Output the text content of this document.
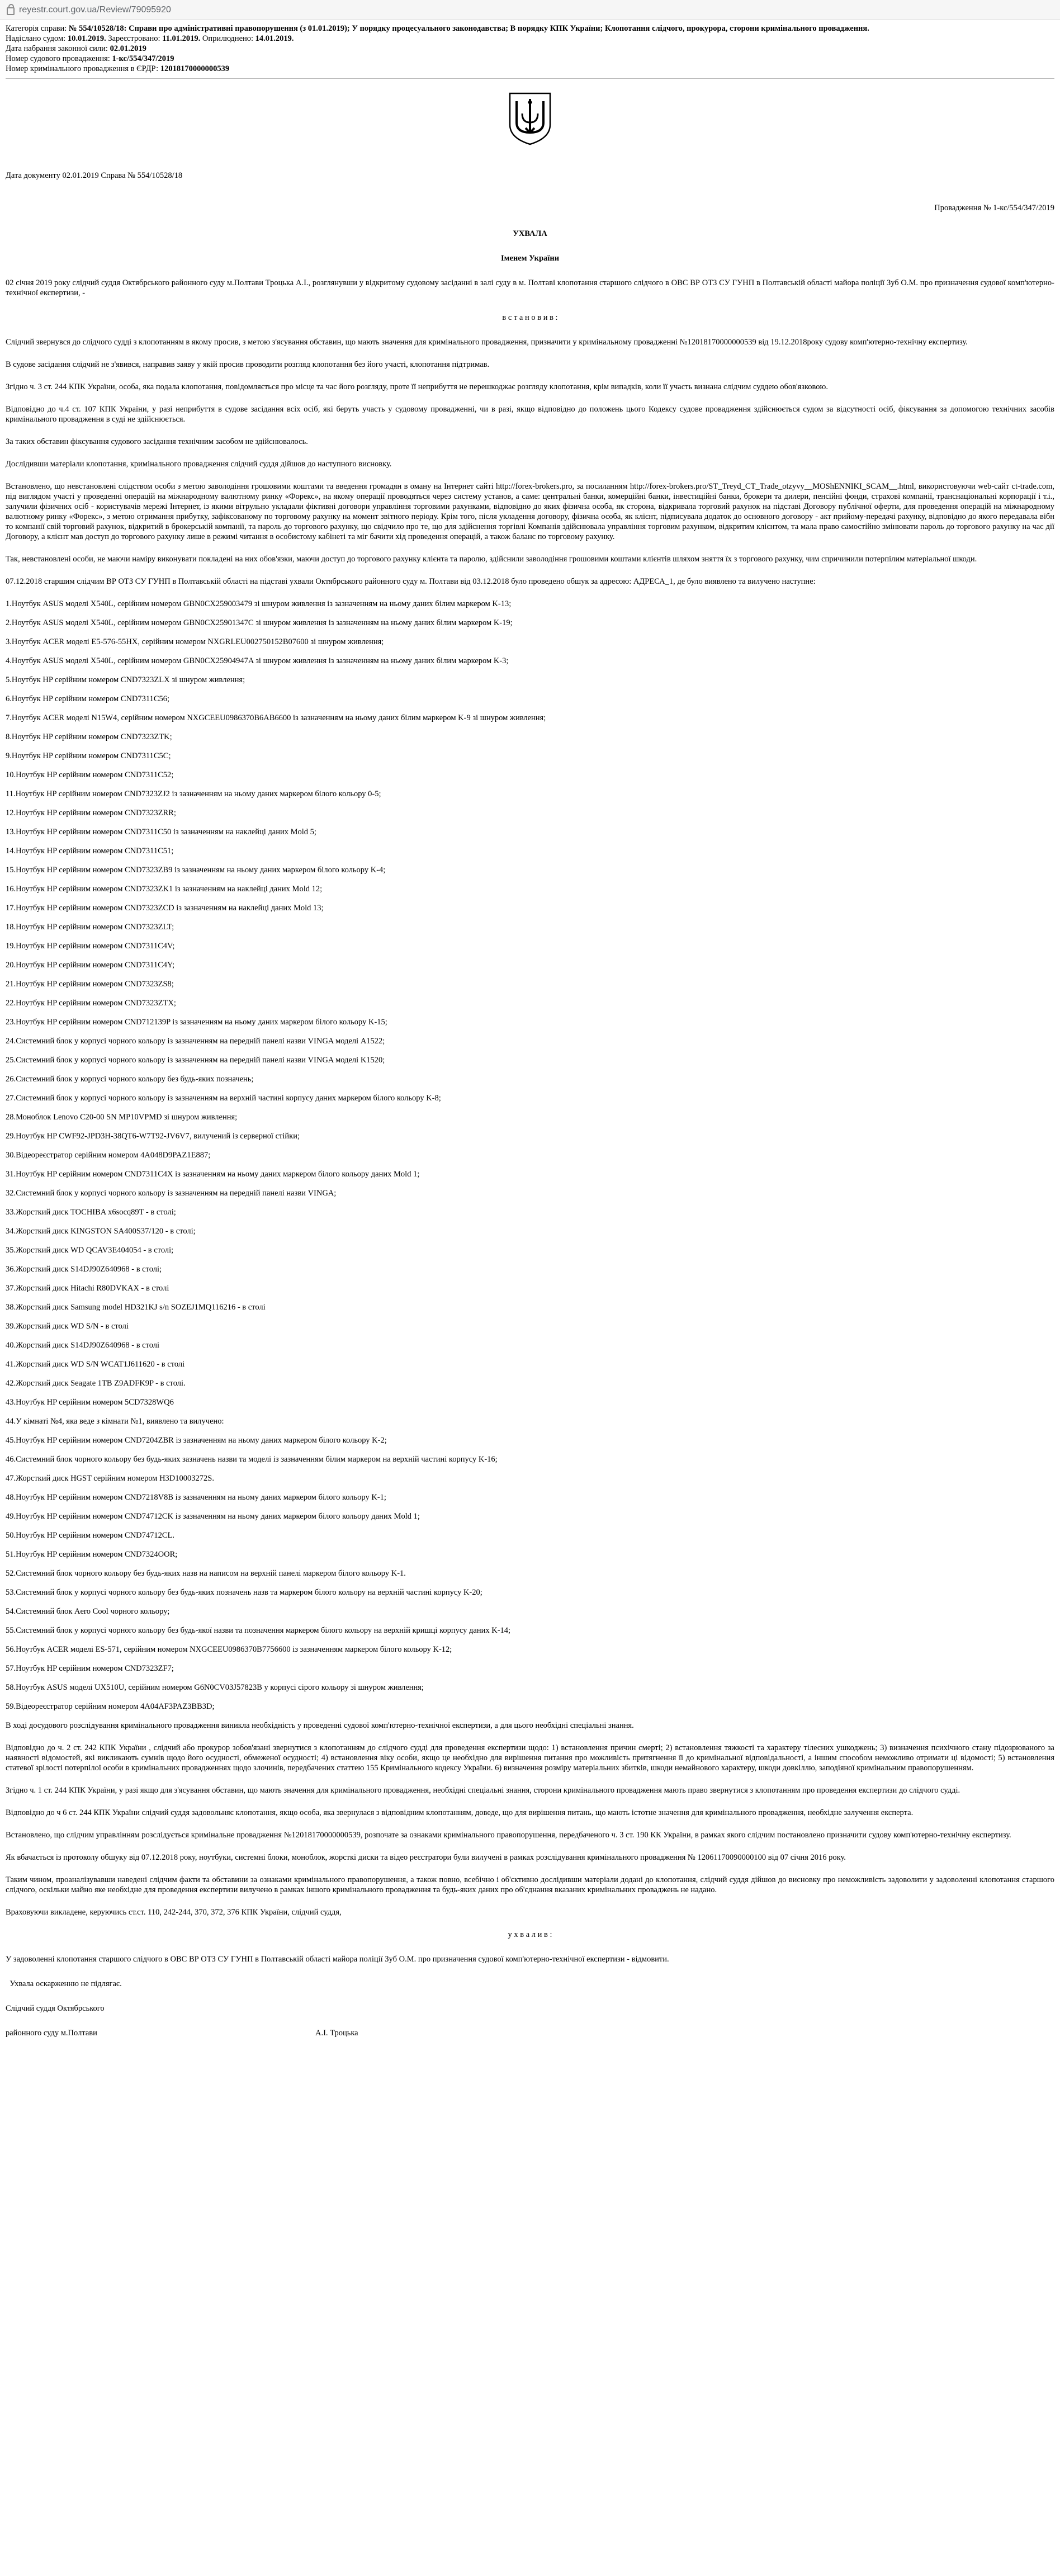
reyestr.court.gov.ua/Review/79095920
Категорія справи: № 554/10528/18: Справи про адміністративні правопорушення (з 01.01.2019); У порядку процесуального законодавства; В порядку КПК України; Клопотання слідчого, прокурора, сторони кримінального провадження.
Надіслано судом: 10.01.2019. Зареєстровано: 11.01.2019. Оприлюднено: 14.01.2019.
Дата набрання законної сили: 02.01.2019
Номер судового провадження: 1-кс/554/347/2019
Номер кримінального провадження в ЄРДР: 12018170000000539

Дата документу 02.01.2019 Справа № 554/10528/18

Провадження № 1-кс/554/347/2019

УХВАЛА

Іменем України

02 січня 2019 року слідчий суддя Октябрського районного суду м.Полтави Троцька А.І., розглянувши у відкритому судовому засіданні в залі суду в м. Полтаві клопотання старшого слідчого в ОВС ВР ОТЗ СУ ГУНП в Полтавській області майора поліції Зуб О.М. про призначення судової комп'ютерно-технічної експертизи, -

в с т а н о в и в :

Слідчий звернувся до слідчого судді з клопотанням в якому просив, з метою з'ясування обставин, що мають значення для кримінального провадження, призначити у кримінальному провадженні №12018170000000539 від 19.12.2018року судову комп'ютерно-технічну експертизу.

В судове засідання слідчий не з'явився, направив заяву у якій просив проводити розгляд клопотання без його участі, клопотання підтримав.

Згідно ч. 3 ст. 244 КПК України, особа, яка подала клопотання, повідомляється про місце та час його розгляду, проте її неприбуття не перешкоджає розгляду клопотання, крім випадків, коли її участь визнана слідчим суддею обов'язковою.

Відповідно до ч.4 ст. 107 КПК України, у разі неприбуття в судове засідання всіх осіб, які беруть участь у судовому провадженні, чи в разі, якщо відповідно до положень цього Кодексу судове провадження здійснюється судом за відсутності осіб, фіксування за допомогою технічних засобів кримінального провадження в суді не здійснюється.

За таких обставин фіксування судового засідання технічним засобом не здійснювалось.

Дослідивши матеріали клопотання, кримінального провадження слідчий суддя дійшов до наступного висновку.

Встановлено, що невстановлені слідством особи з метою заволодіння грошовими коштами та введення громадян в оману на Інтернет сайті http://forex-brokers.pro, за посиланням http://forex-brokers.pro/ST_Treyd_CT_Trade_otzyvy__MOShENNIKI_SCAM__.html, використовуючи web-сайт ct-trade.com, під виглядом участі у проведенні операцій на міжнародному валютному ринку «Форекс», на якому операції проводяться через систему установ, а саме: центральні банки, комерційні банки, інвестиційні банки, брокери та дилери, пенсійні фонди, страхові компанії, транснаціональні корпорації і т.і., залучили фізичних осіб - користувачів мережі Інтернет, із якими вітрульно укладали фіктивні договори управління торговими рахунками, відповідно до яких фізична особа, як сторона, відкривала торговий рахунок на підставі Договору публічної оферти, для проведення операцій на міжнародному валютному ринку «Форекс», з метою отримання прибутку, зафіксованому по торговому рахунку на момент звітного періоду. Крім того, після укладення договору, фізична особа, як клієнт, підписувала додаток до основного договору - акт прийому-передачі рахунку, відповідно до якого передавала вібн то компанії свій торговий рахунок, відкритий в брокерській компанії, та пароль до торгового рахунку, що свідчило про те, що для здійснення торгівлі Компанія здійснювала управління торговим рахунком, відкритим клієнтом, та мала право самостійно змінювати пароль до торгового рахунку на час дії Договору, а клієнт мав доступ до торгового рахунку лише в режимі читання в особистому кабінеті та міг бачити хід проведення операцій, а також баланс по торговому рахунку.

Так, невстановлені особи, не маючи наміру виконувати покладені на них обов'язки, маючи доступ до торгового рахунку клієнта та паролю, здійснили заволодіння грошовими коштами клієнтів шляхом зняття їх з торгового рахунку, чим спричинили потерпілим матеріальної шкоди.

07.12.2018 старшим слідчим ВР ОТЗ СУ ГУНП в Полтавській області на підставі ухвали Октябрського районного суду м. Полтави від 03.12.2018 було проведено обшук за адресою: АДРЕСА_1, де було виявлено та вилучено наступне:

1.Ноутбук ASUS моделі X540L, серійним номером GBN0CX259003479 зі шнуром живлення із зазначенням на ньому даних білим маркером K-13;

2.Ноутбук ASUS моделі X540L, серійним номером GBN0CX25901347C зі шнуром живлення із зазначенням на ньому даних білим маркером K-19;

3.Ноутбук ACER моделі E5-576-55HX, серійним номером NXGRLEU002750152B07600 зі шнуром живлення;

4.Ноутбук ASUS моделі X540L, серійним номером GBN0CX25904947A зі шнуром живлення із зазначенням на ньому даних білим маркером K-3;

5.Ноутбук HP серійним номером CND7323ZLX зі шнуром живлення;

6.Ноутбук HP серійним номером CND7311C56;

7.Ноутбук ACER моделі N15W4, серійним номером NXGCEEU0986370B6AB6600 із зазначенням на ньому даних білим маркером K-9 зі шнуром живлення;

8.Ноутбук HP серійним номером CND7323ZTK;

9.Ноутбук HP серійним номером CND7311C5C;

10.Ноутбук HP серійним номером CND7311C52;

11.Ноутбук HP серійним номером CND7323ZJ2 із зазначенням на ньому даних маркером білого кольору 0-5;

12.Ноутбук HP серійним номером CND7323ZRR;

13.Ноутбук HP серійним номером CND7311C50 із зазначенням на наклейці даних Mold 5;

14.Ноутбук HP серійним номером CND7311C51;

15.Ноутбук HP серійним номером CND7323ZB9 із зазначенням на ньому даних маркером білого кольору K-4;

16.Ноутбук HP серійним номером CND7323ZK1 із зазначенням на наклейці даних Mold 12;

17.Ноутбук HP серійним номером CND7323ZCD із зазначенням на наклейці даних Mold 13;

18.Ноутбук HP серійним номером CND7323ZLT;

19.Ноутбук HP серійним номером CND7311C4V;

20.Ноутбук HP серійним номером CND7311C4Y;

21.Ноутбук HP серійним номером CND7323ZS8;

22.Ноутбук HP серійним номером CND7323ZTX;

23.Ноутбук HP серійним номером CND712139P із зазначенням на ньому даних маркером білого кольору K-15;

24.Системний блок у корпусі чорного кольору із зазначенням на передній панелі назви VINGA моделі A1522;

25.Системний блок у корпусі чорного кольору із зазначенням на передній панелі назви VINGA моделі K1520;

26.Системний блок у корпусі чорного кольору без будь-яких позначень;

27.Системний блок у корпусі чорного кольору із зазначенням на верхній частині корпусу даних маркером білого кольору K-8;

28.Моноблок Lenovo C20-00 SN MP10VPMD зі шнуром живлення;

29.Ноутбук HP CWF92-JPD3H-38QT6-W7T92-JV6V7, вилучений із серверної стійки;

30.Відеореєстратор серійним номером 4A048D9PAZ1E887;

31.Ноутбук HP серійним номером CND7311C4X із зазначенням на ньому даних маркером білого кольору даних Mold 1;

32.Системний блок у корпусі чорного кольору із зазначенням на передній панелі назви VINGA;

33.Жорсткий диск TOCHIBA x6socq89T - в столі;

34.Жорсткий диск KINGSTON SA400S37/120 - в столі;

35.Жорсткий диск WD QCAV3E404054 - в столі;

36.Жорсткий диск S14DJ90Z640968 - в столі;

37.Жорсткий диск Hitachi R80DVKAX - в столі

38.Жорсткий диск Samsung model HD321KJ s/n SOZEJ1MQ116216 - в столі

39.Жорсткий диск WD S/N - в столі

40.Жорсткий диск S14DJ90Z640968 - в столі

41.Жорсткий диск WD S/N WCAT1J611620 - в столі

42.Жорсткий диск Seagate 1TB Z9ADFK9P - в столі.

43.Ноутбук HP серійним номером 5CD7328WQ6

44.У кімнаті №4, яка веде з кімнати №1, виявлено та вилучено:

45.Ноутбук HP серійним номером CND7204ZBR із зазначенням на ньому даних маркером білого кольору K-2;

46.Системний блок чорного кольору без будь-яких зазначень назви та моделі із зазначенням білим маркером на верхній частині корпусу K-16;

47.Жорсткий диск HGST серійним номером H3D10003272S.

48.Ноутбук HP серійним номером CND7218V8B із зазначенням на ньому даних маркером білого кольору K-1;

49.Ноутбук HP серійним номером CND74712CK із зазначенням на ньому даних маркером білого кольору даних Mold 1;

50.Ноутбук HP серійним номером CND74712CL.

51.Ноутбук HP серійним номером CND7324OOR;

52.Системний блок чорного кольору без будь-яких назв на написом на верхній панелі маркером білого кольору K-1.

53.Системний блок у корпусі чорного кольору без будь-яких позначень назв та маркером білого кольору на верхній частині корпусу K-20;

54.Системний блок Aero Cool чорного кольору;

55.Системний блок у корпусі чорного кольору без будь-якої назви та позначення маркером білого кольору на верхній кришці корпусу даних K-14;

56.Ноутбук ACER моделі ES-571, серійним номером NXGCEEU0986370B7756600 із зазначенням маркером білого кольору K-12;

57.Ноутбук HP серійним номером CND7323ZF7;

58.Ноутбук ASUS моделі UX510U, серійним номером G6N0CV03J57823B у корпусі сірого кольору зі шнуром живлення;

59.Відеореєстратор серійним номером 4A04AF3PAZ3BB3D;

В ході досудового розслідування кримінального провадження виникла необхідність у проведенні судової комп'ютерно-технічної експертизи, а для цього необхідні спеціальні знання.

Відповідно до ч. 2 ст. 242 КПК України , слідчий або прокурор зобов'язані звернутися з клопотанням до слідчого судді для проведення експертизи щодо: 1) встановлення причин смерті; 2) встановлення тяжкості та характеру тілесних ушкоджень; 3) визначення психічного стану підозрюваного за наявності відомостей, які викликають сумнів щодо його осудності, обмеженої осудності; 4) встановлення віку особи, якщо це необхідно для вирішення питання про можливість притягнення її до кримінальної відповідальності, а іншим способом неможливо отримати ці відомості; 5) встановлення статевої зрілості потерпілої особи в кримінальних провадженнях щодо злочинів, передбачених статтею 155 Кримінального кодексу України. 6) визначення розміру матеріальних збитків, шкоди немайнового характеру, шкоди довкіллю, заподіяної кримінальним правопорушенням.

Згідно ч. 1 ст. 244 КПК України, у разі якщо для з'ясування обставин, що мають значення для кримінального провадження, необхідні спеціальні знання, сторони кримінального провадження мають право звернутися з клопотанням про проведення експертизи до слідчого судді.

Відповідно до ч 6 ст. 244 КПК України слідчий суддя задовольняє клопотання, якщо особа, яка звернулася з відповідним клопотанням, доведе, що для вирішення питань, що мають істотне значення для кримінального провадження, необхідне залучення експерта.

Встановлено, що слідчим управлінням розслідується кримінальне провадження №12018170000000539, розпочате за ознаками кримінального правопорушення, передбаченого ч. 3 ст. 190 КК України, в рамках якого слідчим постановлено призначити судову комп'ютерно-технічну експертизу.

Як вбачається із протоколу обшуку від 07.12.2018 року, ноутбуки, системні блоки, моноблок, жорсткі диски та відео реєстратори були вилучені в рамках розслідування кримінального провадження № 12061170090000100 від 07 січня 2016 року.

Таким чином, проаналізувавши наведені слідчим факти та обставини за ознаками кримінального правопорушення, а також повно, всебічно і об'єктивно дослідивши матеріали додані до клопотання, слідчий суддя дійшов до висновку про неможливість задоволити у задоволенні клопотання старшого слідчого, оскільки майно яке необхідне для проведення експертизи вилучено в рамках іншого кримінального провадження та будь-яких даних про об'єднання вказаних кримінальних проваджень не надано.

Враховуючи викладене, керуючись ст.ст. 110, 242-244, 370, 372, 376 КПК України, слідчий суддя,

у х в а л и в :

У задоволенні клопотання старшого слідчого в ОВС ВР ОТЗ СУ ГУНП в Полтавській області майора поліції Зуб О.М. про призначення судової комп'ютерно-технічної експертизи - відмовити.

Ухвала оскарженню не підлягає.

Слідчий суддя Октябрського

районного суду м.Полтави	А.І. Троцька
